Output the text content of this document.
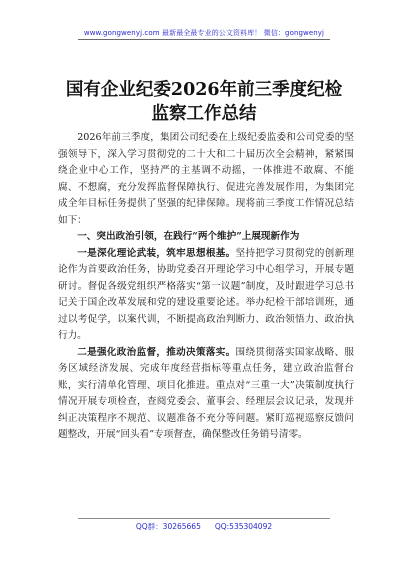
www.gongwenyj.com 最新最全最专业的公文资料库！ 微信：gongwenyj
国有企业纪委2026年前三季度纪检监察工作总结

2026年前三季度，集团公司纪委在上级纪委监委和公司党委的坚强领导下，深入学习贯彻党的二十大和二十届历次全会精神，紧紧围绕企业中心工作，坚持严的主基调不动摇，一体推进不敢腐、不能腐、不想腐，充分发挥监督保障执行、促进完善发展作用，为集团完成全年目标任务提供了坚强的纪律保障。现将前三季度工作情况总结如下：

一、突出政治引领，在践行“两个维护”上展现新作为

一是深化理论武装，筑牢思想根基。坚持把学习贯彻党的创新理论作为首要政治任务，协助党委召开理论学习中心组学习，开展专题研讨。督促各级党组织严格落实“第一议题”制度，及时跟进学习总书记关于国企改革发展和党的建设重要论述。举办纪检干部培训班，通过以考促学，以案代训，不断提高政治判断力、政治领悟力、政治执行力。

二是强化政治监督，推动决策落实。围绕贯彻落实国家战略、服务区域经济发展、完成年度经营指标等重点任务，建立政治监督台账，实行清单化管理、项目化推进。重点对“三重一大”决策制度执行情况开展专项检查，查阅党委会、董事会、经理层会议记录，发现并纠正决策程序不规范、议题准备不充分等问题。紧盯巡视巡察反馈问题整改，开展“回头看”专项督查，确保整改任务销号清零。

QQ群：30265665 QQ:535304092
